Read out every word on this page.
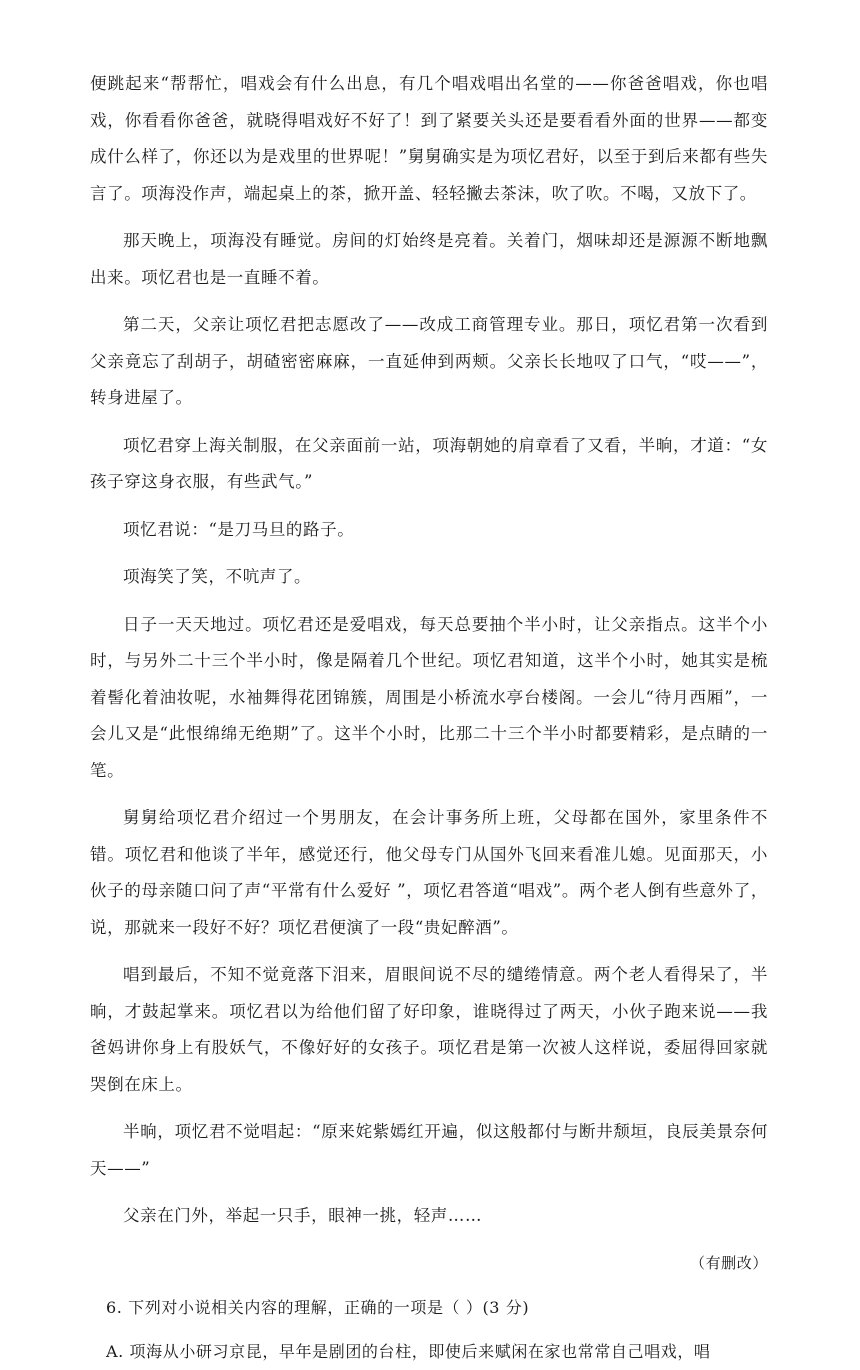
便跳起来“帮帮忙，唱戏会有什么出息，有几个唱戏唱出名堂的——你爸爸唱戏，你也唱戏，你看看你爸爸，就晓得唱戏好不好了！到了紧要关头还是要看看外面的世界——都变成什么样了，你还以为是戏里的世界呢！”舅舅确实是为项忆君好，以至于到后来都有些失言了。项海没作声，端起桌上的茶，掀开盖、轻轻撇去茶沫，吹了吹。不喝，又放下了。

那天晚上，项海没有睡觉。房间的灯始终是亮着。关着门，烟味却还是源源不断地飘出来。项忆君也是一直睡不着。

第二天，父亲让项忆君把志愿改了——改成工商管理专业。那日，项忆君第一次看到父亲竟忘了刮胡子，胡碴密密麻麻，一直延伸到两颊。父亲长长地叹了口气，“哎——”，转身进屋了。

项忆君穿上海关制服，在父亲面前一站，项海朝她的肩章看了又看，半晌，才道：“女孩子穿这身衣服，有些武气。”

项忆君说：“是刀马旦的路子。

项海笑了笑，不吭声了。

日子一天天地过。项忆君还是爱唱戏，每天总要抽个半小时，让父亲指点。这半个小时，与另外二十三个半小时，像是隔着几个世纪。项忆君知道，这半个小时，她其实是梳着髻化着油妆呢，水袖舞得花团锦簇，周围是小桥流水亭台楼阁。一会儿“待月西厢”，一会儿又是“此恨绵绵无绝期”了。这半个小时，比那二十三个半小时都要精彩，是点睛的一笔。

舅舅给项忆君介绍过一个男朋友，在会计事务所上班，父母都在国外，家里条件不错。项忆君和他谈了半年，感觉还行，他父母专门从国外飞回来看准儿媳。见面那天，小伙子的母亲随口问了声“平常有什么爱好 ”，项忆君答道“唱戏”。两个老人倒有些意外了，说，那就来一段好不好？项忆君便演了一段“贵妃醉酒”。

唱到最后，不知不觉竟落下泪来，眉眼间说不尽的缱绻情意。两个老人看得呆了，半晌，才鼓起掌来。项忆君以为给他们留了好印象，谁晓得过了两天，小伙子跑来说——我爸妈讲你身上有股妖气，不像好好的女孩子。项忆君是第一次被人这样说，委屈得回家就哭倒在床上。

半晌，项忆君不觉唱起：“原来姹紫嫣红开遍，似这般都付与断井颓垣，良辰美景奈何天——”

父亲在门外，举起一只手，眼神一挑，轻声……

（有删改）

6. 下列对小说相关内容的理解，正确的一项是（ ）(3 分)

A. 项海从小研习京昆，早年是剧团的台柱，即使后来赋闲在家也常常自己唱戏，唱
